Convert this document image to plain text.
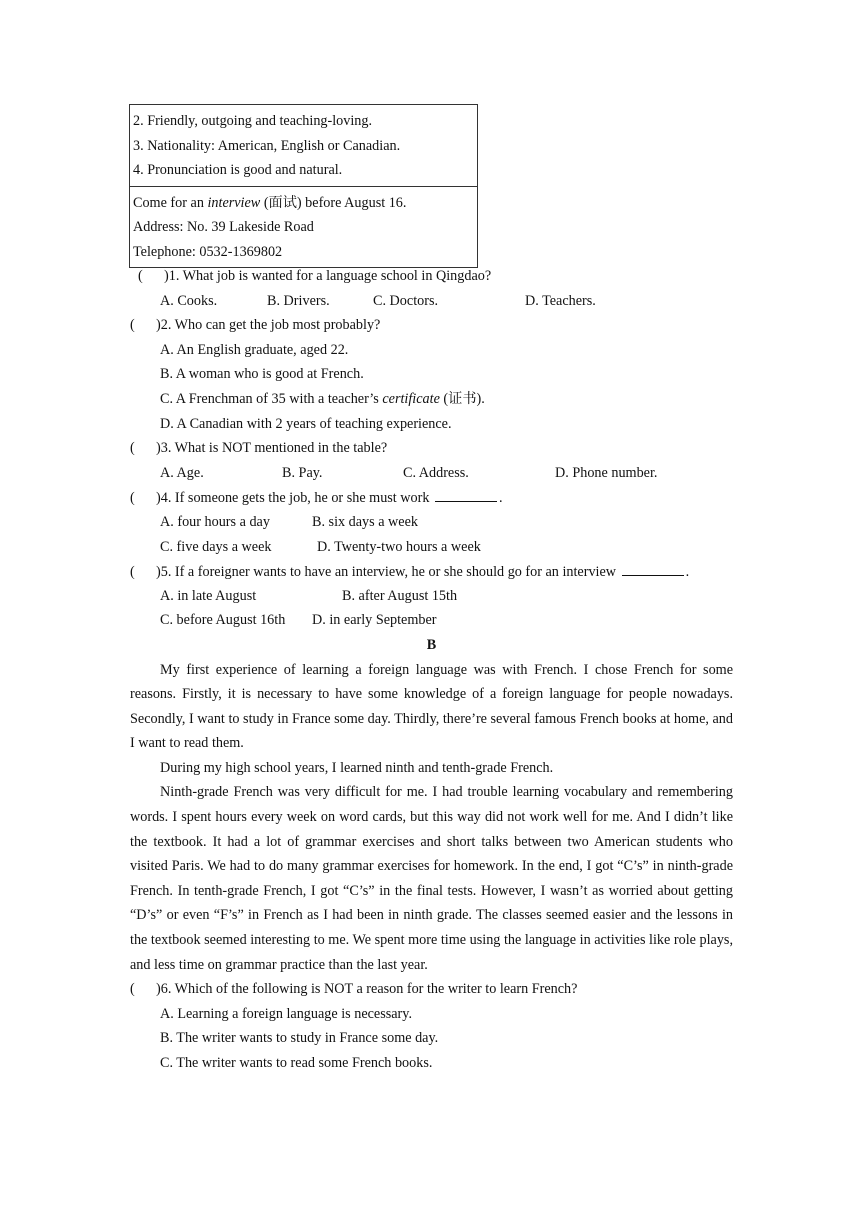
2. Friendly, outgoing and teaching-loving.
3. Nationality: American, English or Canadian.
4. Pronunciation is good and natural.
Come for an interview (面试) before August 16.
Address: No. 39 Lakeside Road
Telephone: 0532-1369802
(      )1. What job is wanted for a language school in Qingdao?
A. Cooks.	B. Drivers.	C. Doctors.	D. Teachers.
(      )2. Who can get the job most probably?
A. An English graduate, aged 22.
B. A woman who is good at French.
C. A Frenchman of 35 with a teacher’s certificate (证书).
D. A Canadian with 2 years of teaching experience.
(      )3. What is NOT mentioned in the table?
A. Age.	B. Pay.	C. Address.	D. Phone number.
(      )4. If someone gets the job, he or she must work	.
A. four hours a day	B. six days a week
C. five days a week	D. Twenty-two hours a week
(      )5. If a foreigner wants to have an interview, he or she should go for an interview	.
A. in late August	B. after August 15th
C. before August 16th D. in early September
B

My first experience of learning a foreign language was with French. I chose French for some reasons. Firstly, it is necessary to have some knowledge of a foreign language for people nowadays. Secondly, I want to study in France some day. Thirdly, there’re several famous French books at home, and I want to read them.

During my high school years, I learned ninth and tenth-grade French.

Ninth-grade French was very difficult for me. I had trouble learning vocabulary and remembering words. I spent hours every week on word cards, but this way did not work well for me. And I didn’t like the textbook. It had a lot of grammar exercises and short talks between two American students who visited Paris. We had to do many grammar exercises for homework. In the end, I got “C’s” in ninth-grade French. In tenth-grade French, I got “C’s” in the final tests. However, I wasn’t as worried about getting “D’s” or even “F’s” in French as I had been in ninth grade. The classes seemed easier and the lessons in the textbook seemed interesting to me. We spent more time using the language in activities like role plays, and less time on grammar practice than the last year.

(      )6. Which of the following is NOT a reason for the writer to learn French?
A. Learning a foreign language is necessary.
B. The writer wants to study in France some day.
C. The writer wants to read some French books.
